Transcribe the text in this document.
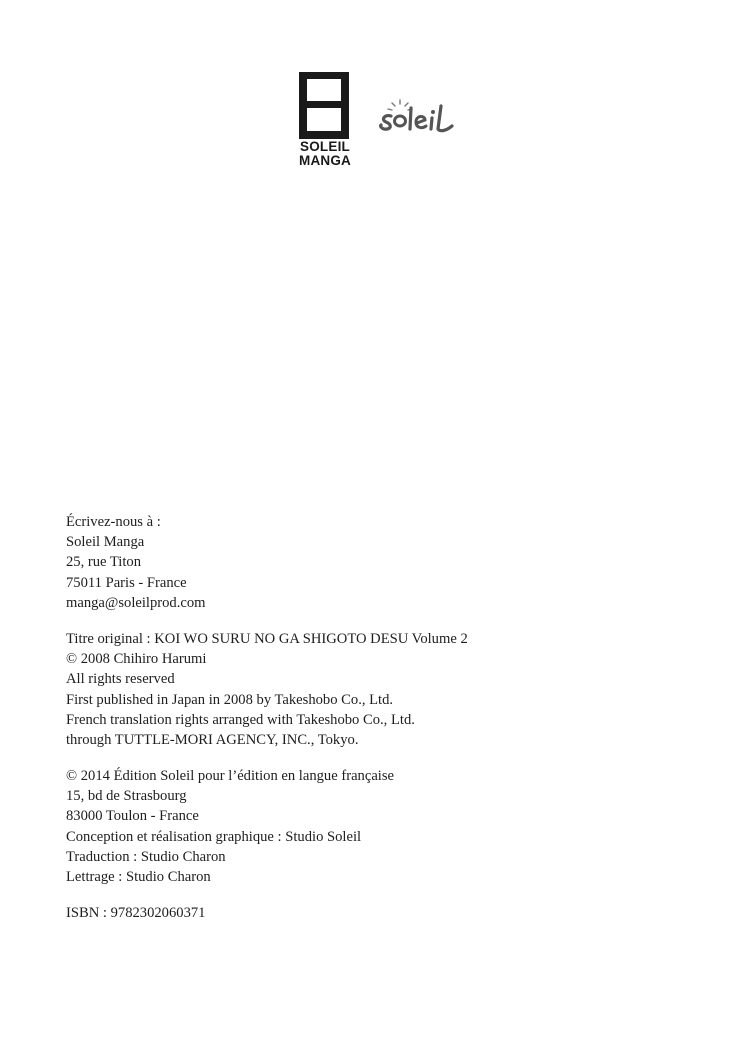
SOLEIL
MANGA
Écrivez-nous à :
Soleil Manga
25, rue Titon
75011 Paris - France
manga@soleilprod.com
Titre original : KOI WO SURU NO GA SHIGOTO DESU Volume 2
© 2008 Chihiro Harumi
All rights reserved
First published in Japan in 2008 by Takeshobo Co., Ltd.
French translation rights arranged with Takeshobo Co., Ltd.
through TUTTLE-MORI AGENCY, INC., Tokyo.
© 2014 Édition Soleil pour l’édition en langue française
15, bd de Strasbourg
83000 Toulon - France
Conception et réalisation graphique : Studio Soleil
Traduction : Studio Charon
Lettrage : Studio Charon
ISBN : 9782302060371
